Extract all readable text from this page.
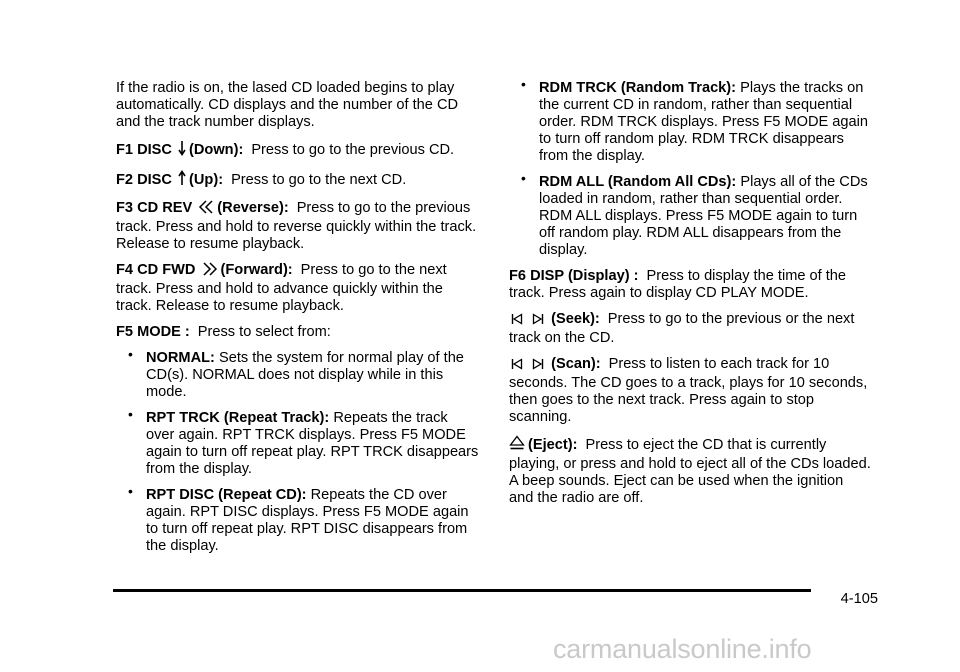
If the radio is on, the lased CD loaded begins to play automatically. CD displays and the number of the CD and the track number displays.

F1 DISC (Down): Press to go to the previous CD.

F2 DISC (Up): Press to go to the next CD.

F3 CD REV (Reverse): Press to go to the previous track. Press and hold to reverse quickly within the track. Release to resume playback.

F4 CD FWD (Forward): Press to go to the next track. Press and hold to advance quickly within the track. Release to resume playback.

F5 MODE : Press to select from:

• NORMAL: Sets the system for normal play of the CD(s). NORMAL does not display while in this mode.
• RPT TRCK (Repeat Track): Repeats the track over again. RPT TRCK displays. Press F5 MODE again to turn off repeat play. RPT TRCK disappears from the display.
• RPT DISC (Repeat CD): Repeats the CD over again. RPT DISC displays. Press F5 MODE again to turn off repeat play. RPT DISC disappears from the display.
• RDM TRCK (Random Track): Plays the tracks on the current CD in random, rather than sequential order. RDM TRCK displays. Press F5 MODE again to turn off random play. RDM TRCK disappears from the display.
• RDM ALL (Random All CDs): Plays all of the CDs loaded in random, rather than sequential order. RDM ALL displays. Press F5 MODE again to turn off random play. RDM ALL disappears from the display.

F6 DISP (Display) : Press to display the time of the track. Press again to display CD PLAY MODE.

(Seek): Press to go to the previous or the next track on the CD.

(Scan): Press to listen to each track for 10 seconds. The CD goes to a track, plays for 10 seconds, then goes to the next track. Press again to stop scanning.

(Eject): Press to eject the CD that is currently playing, or press and hold to eject all of the CDs loaded. A beep sounds. Eject can be used when the ignition and the radio are off.

4-105
carmanualsonline.info
